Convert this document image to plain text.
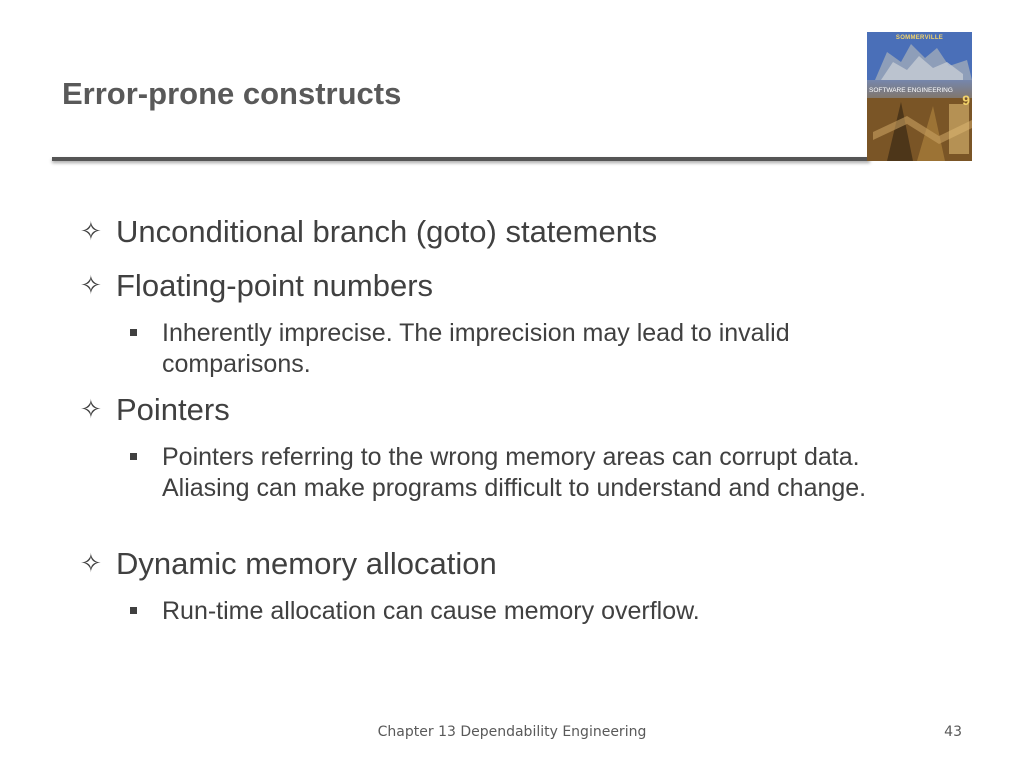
Error-prone constructs
SOMMERVILLE
SOFTWARE ENGINEERING
9
✧ Unconditional branch (goto) statements
✧ Floating-point numbers
Inherently imprecise. The imprecision may lead to invalid comparisons.
✧ Pointers
Pointers referring to the wrong memory areas can corrupt data. Aliasing can make programs difficult to understand and change.
✧ Dynamic memory allocation
Run-time allocation can cause memory overflow.
Chapter 13 Dependability Engineering	43
